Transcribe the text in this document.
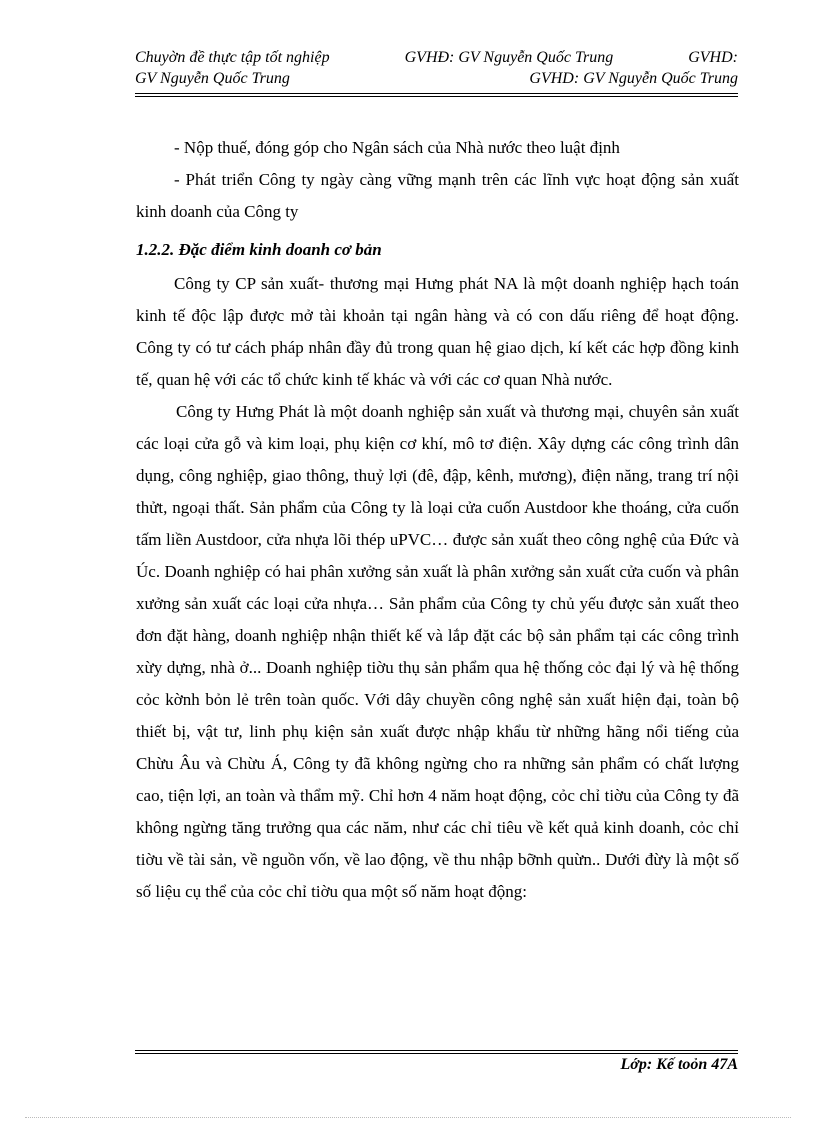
Chuyờn đề thực tập tốt nghiệp	GVHĐ: GV Nguyễn Quốc Trung	GVHD:
GV Nguyễn Quốc Trung	GVHD: GV Nguyễn Quốc Trung

- Nộp thuế, đóng góp cho Ngân sách của Nhà nước theo luật định

- Phát triển Công ty ngày càng vững mạnh trên các lĩnh vực hoạt động sản xuất kinh doanh của Công ty

1.2.2. Đặc điểm kinh doanh cơ bản

Công ty CP sản xuất- thương mại Hưng phát NA là một doanh nghiệp hạch toán kinh tế độc lập được mở tài khoản tại ngân hàng và có con dấu riêng để hoạt động. Công ty có tư cách pháp nhân đầy đủ trong quan hệ giao dịch, kí kết các hợp đồng kinh tế, quan hệ với các tổ chức kinh tế khác và với các cơ quan Nhà nước.

Công ty Hưng Phát là một doanh nghiệp sản xuất và thương mại, chuyên sản xuất các loại cửa gỗ và kim loại, phụ kiện cơ khí, mô tơ điện. Xây dựng các công trình dân dụng, công nghiệp, giao thông, thuỷ lợi (đê, đập, kênh, mương), điện năng, trang trí nội thửt, ngoại thất. Sản phẩm của Công ty là loại cửa cuốn Austdoor khe thoáng, cửa cuốn tấm liền Austdoor, cửa nhựa lõi thép uPVC… được sản xuất theo công nghệ của Đức và Úc. Doanh nghiệp có hai phân xưởng sản xuất là phân xưởng sản xuất cửa cuốn và phân xưởng sản xuất các loại cửa nhựa… Sản phẩm của Công ty chủ yếu được sản xuất theo đơn đặt hàng, doanh nghiệp nhận thiết kế và lắp đặt các bộ sản phẩm tại các công trình xừy dựng, nhà ở... Doanh nghiệp tiờu thụ sản phẩm qua hệ thống cỏc đại lý và hệ thống cỏc kờnh bỏn lẻ trên toàn quốc. Với dây chuyền công nghệ sản xuất hiện đại, toàn bộ thiết bị, vật tư, linh phụ kiện sản xuất được nhập khẩu từ những hãng nổi tiếng của Chừu Âu và Chừu Á, Công ty đã không ngừng cho ra những sản phẩm có chất lượng cao, tiện lợi, an toàn và thẩm mỹ. Chỉ hơn 4 năm hoạt động, cỏc chỉ tiờu của Công ty đã không ngừng tăng trưởng qua các năm, như các chỉ tiêu về kết quả kinh doanh, cỏc chỉ tiờu về tài sản, về nguồn vốn, về lao động, về thu nhập bỡnh quừn.. Dưới đừy là một số số liệu cụ thể của cỏc chỉ tiờu qua một số năm hoạt động:

Lớp: Kế toỏn 47A
